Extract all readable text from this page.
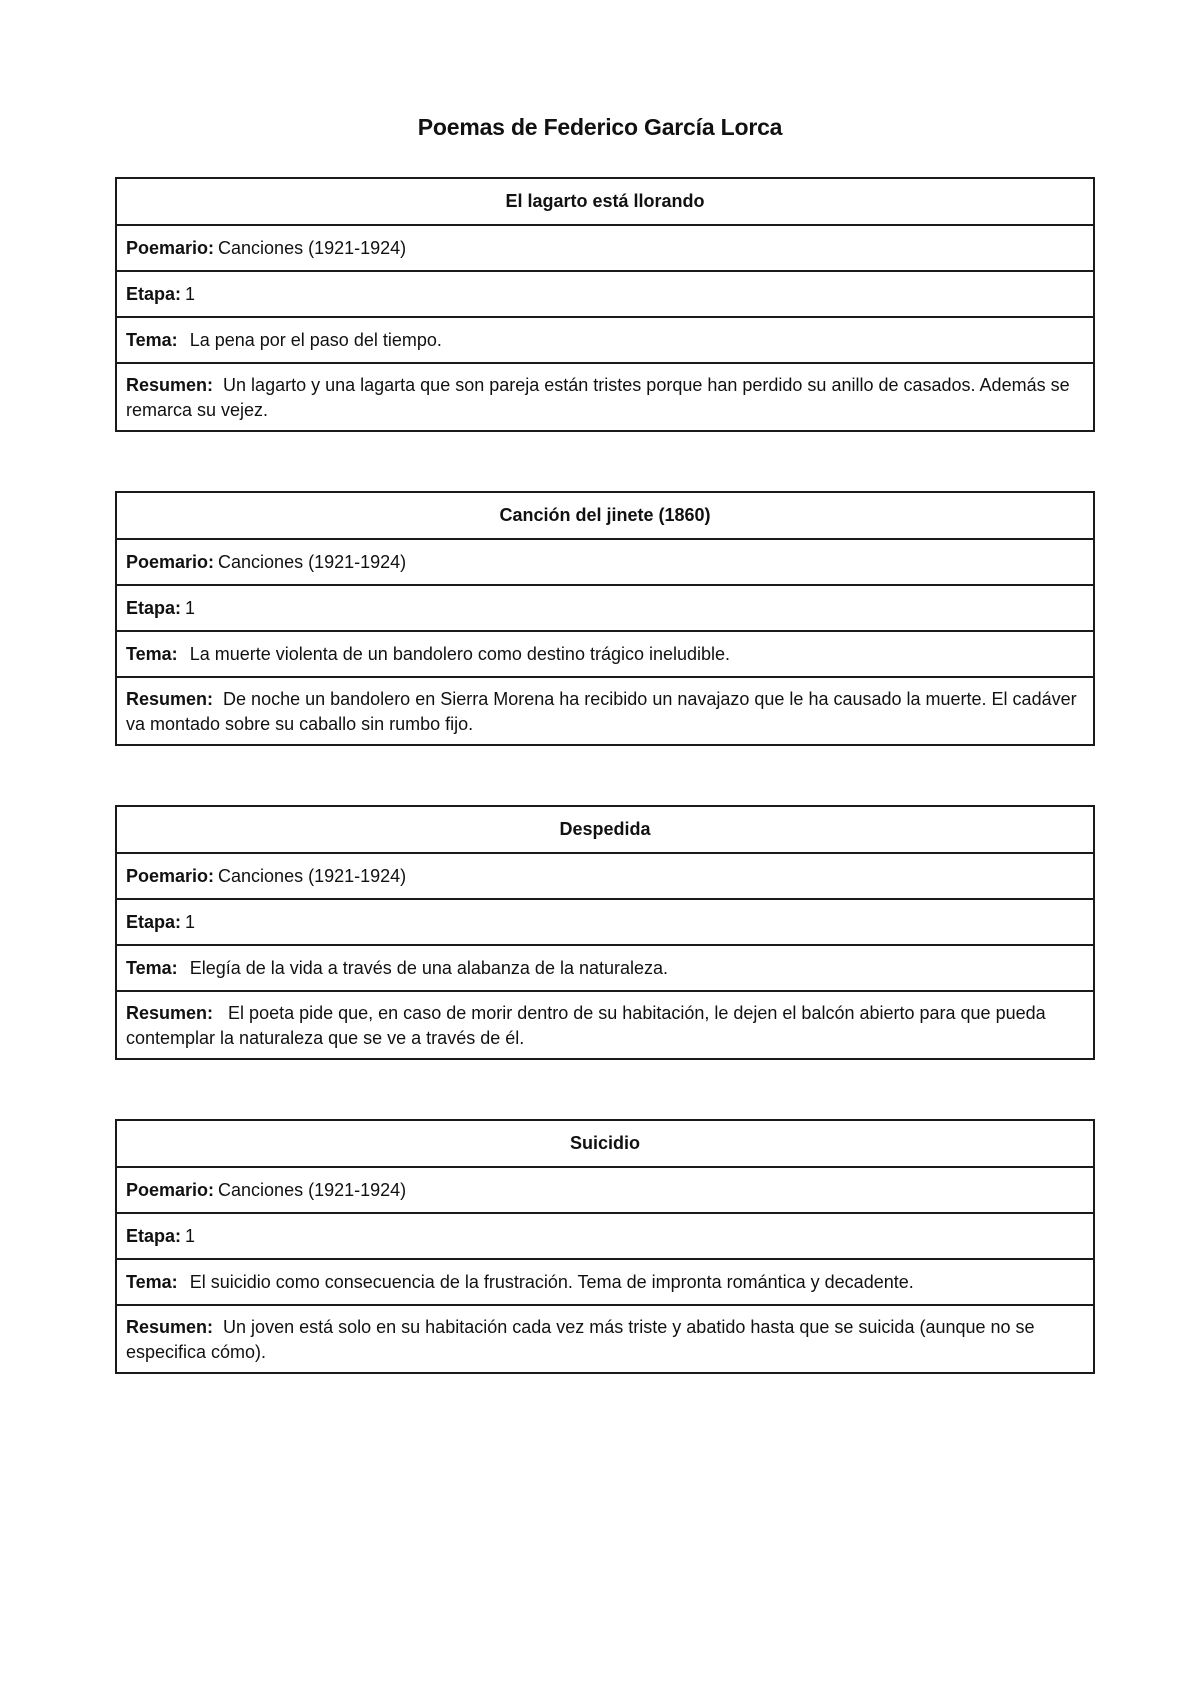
Poemas de Federico García Lorca
El lagarto está llorando
Poemario: Canciones (1921-1924)
Etapa: 1
Tema: La pena por el paso del tiempo.
Resumen: Un lagarto y una lagarta que son pareja están tristes porque han perdido su anillo de casados. Además se remarca su vejez.
Canción del jinete (1860)
Poemario: Canciones (1921-1924)
Etapa: 1
Tema: La muerte violenta de un bandolero como destino trágico ineludible.
Resumen: De noche un bandolero en Sierra Morena ha recibido un navajazo que le ha causado la muerte. El cadáver va montado sobre su caballo sin rumbo fijo.
Despedida
Poemario: Canciones (1921-1924)
Etapa: 1
Tema: Elegía de la vida a través de una alabanza de la naturaleza.
Resumen: El poeta pide que, en caso de morir dentro de su habitación, le dejen el balcón abierto para que pueda contemplar la naturaleza que se ve a través de él.
Suicidio
Poemario: Canciones (1921-1924)
Etapa: 1
Tema: El suicidio como consecuencia de la frustración. Tema de impronta romántica y decadente.
Resumen: Un joven está solo en su habitación cada vez más triste y abatido hasta que se suicida (aunque no se especifica cómo).
